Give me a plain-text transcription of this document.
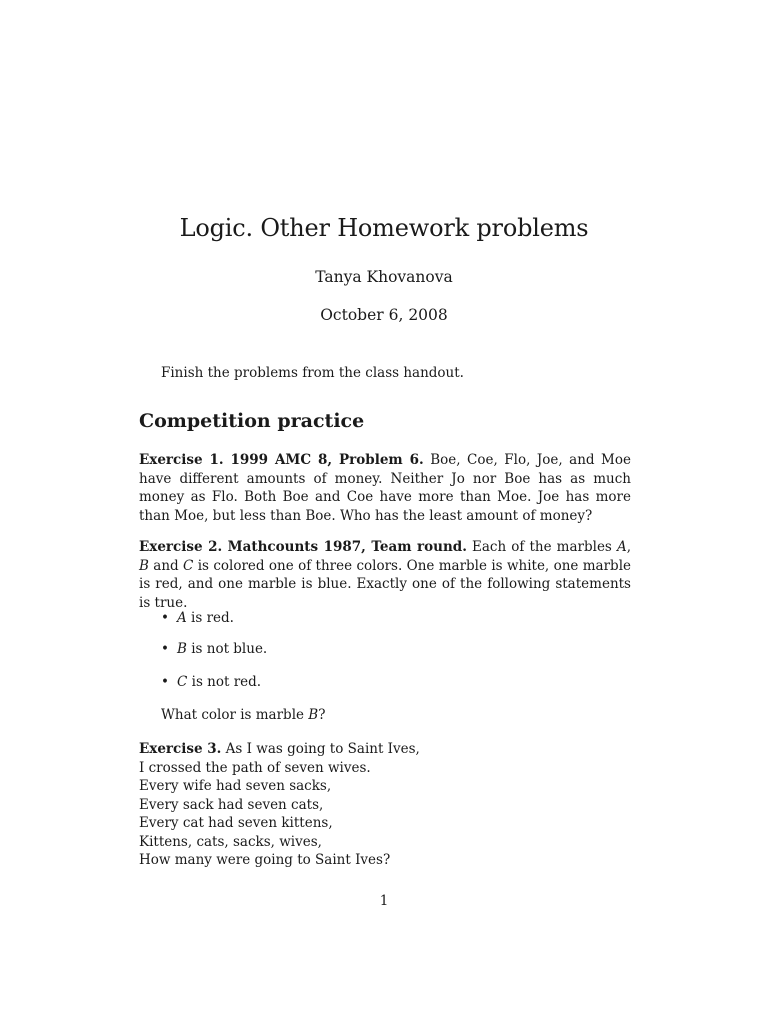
Logic. Other Homework problems
Tanya Khovanova
October 6, 2008
Finish the problems from the class handout.
Competition practice
Exercise 1. 1999 AMC 8, Problem 6. Boe, Coe, Flo, Joe, and Moe have different amounts of money. Neither Jo nor Boe has as much money as Flo. Both Boe and Coe have more than Moe. Joe has more than Moe, but less than Boe. Who has the least amount of money?
Exercise 2. Mathcounts 1987, Team round. Each of the marbles A, B and C is colored one of three colors. One marble is white, one marble is red, and one marble is blue. Exactly one of the following statements is true.
• A is red.
• B is not blue.
• C is not red.
What color is marble B?
Exercise 3. As I was going to Saint Ives,
I crossed the path of seven wives.
Every wife had seven sacks,
Every sack had seven cats,
Every cat had seven kittens,
Kittens, cats, sacks, wives,
How many were going to Saint Ives?
1
